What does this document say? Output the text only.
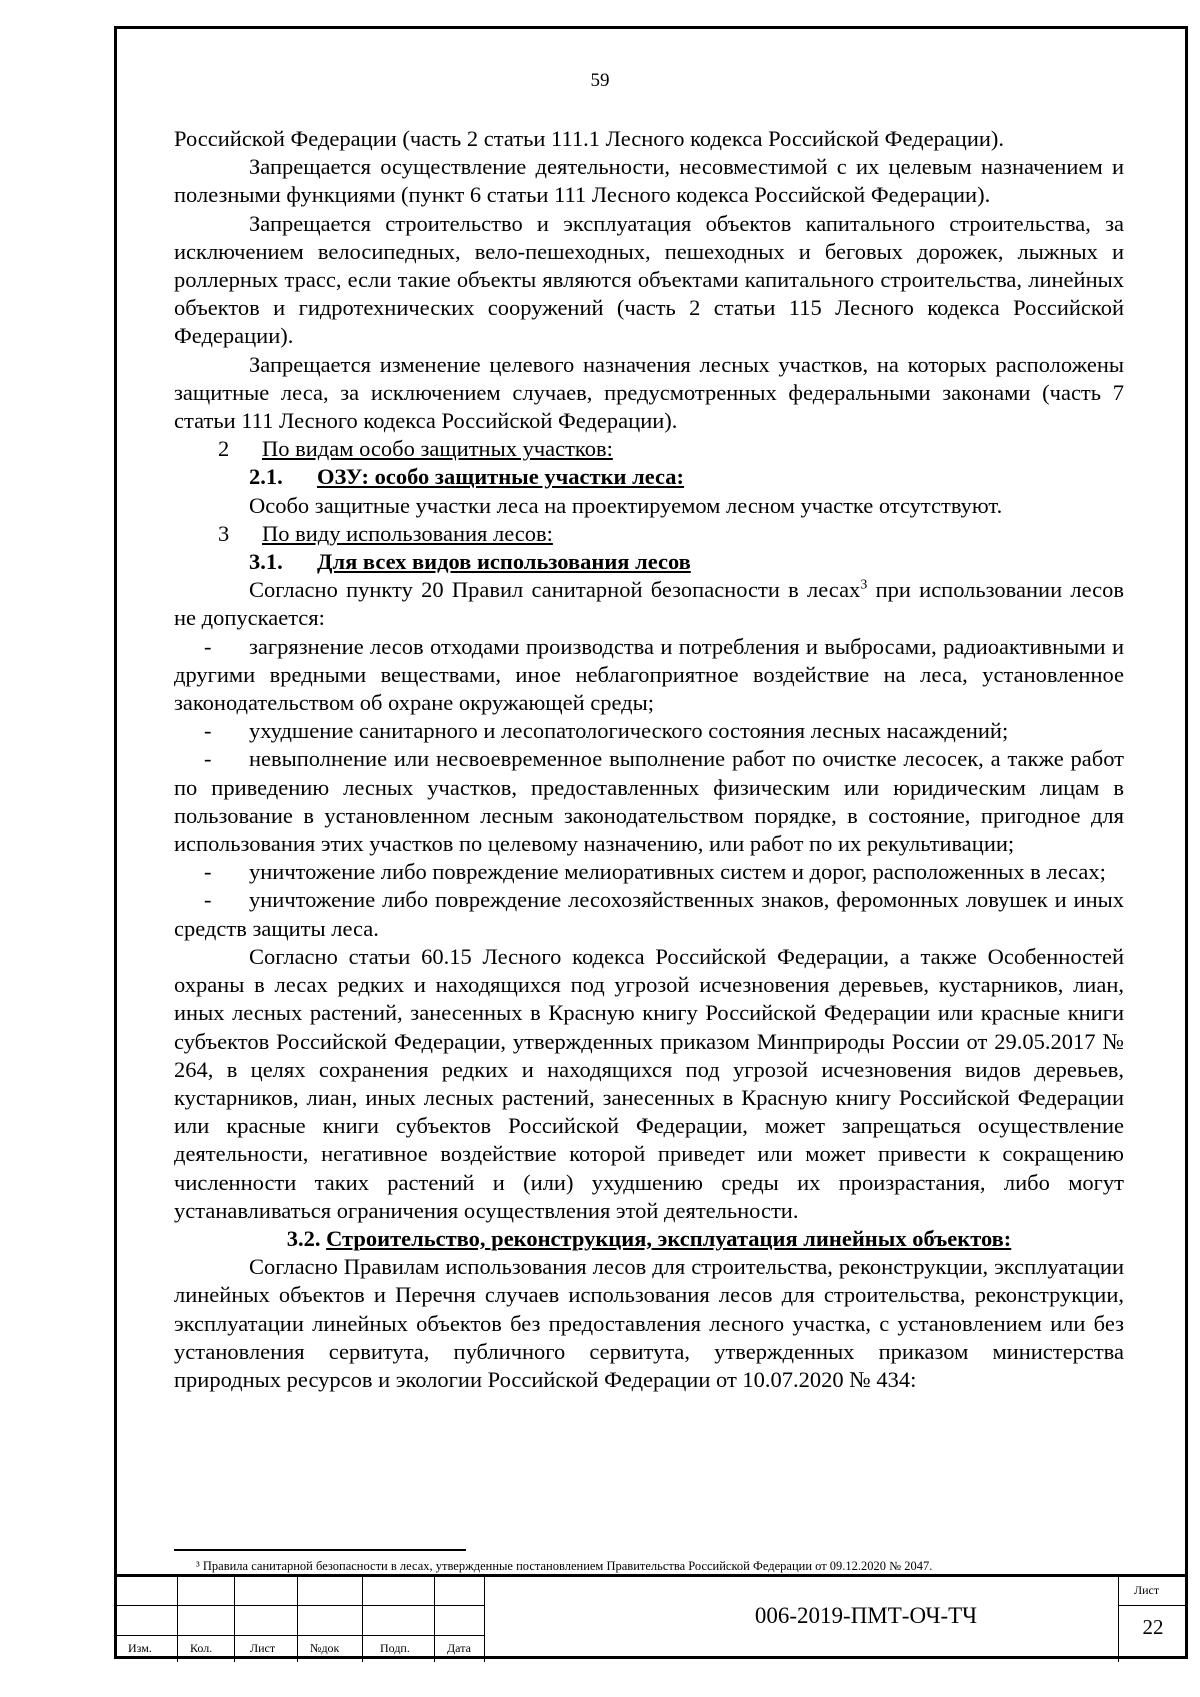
59

Российской Федерации (часть 2 статьи 111.1 Лесного кодекса Российской Федерации).

Запрещается осуществление деятельности, несовместимой с их целевым назначением и полезными функциями (пункт 6 статьи 111 Лесного кодекса Российской Федерации).

Запрещается строительство и эксплуатация объектов капитального строительства, за исключением велосипедных, вело-пешеходных, пешеходных и беговых дорожек, лыжных и роллерных трасс, если такие объекты являются объектами капитального строительства, линейных объектов и гидротехнических сооружений (часть 2 статьи 115 Лесного кодекса Российской Федерации).

Запрещается изменение целевого назначения лесных участков, на которых расположены защитные леса, за исключением случаев, предусмотренных федеральными законами (часть 7 статьи 111 Лесного кодекса Российской Федерации).

2	По видам особо защитных участков:
2.1.	ОЗУ: особо защитные участки леса:

Особо защитные участки леса на проектируемом лесном участке отсутствуют.

3	По виду использования лесов:
3.1.	Для всех видов использования лесов

Согласно пункту 20 Правил санитарной безопасности в лесах$^3$ при использовании лесов не допускается:

- загрязнение лесов отходами производства и потребления и выбросами, радиоактивными и другими вредными веществами, иное неблагоприятное воздействие на леса, установленное законодательством об охране окружающей среды;

- ухудшение санитарного и лесопатологического состояния лесных насаждений;

- невыполнение или несвоевременное выполнение работ по очистке лесосек, а также работ по приведению лесных участков, предоставленных физическим или юридическим лицам в пользование в установленном лесным законодательством порядке, в состояние, пригодное для использования этих участков по целевому назначению, или работ по их рекультивации;

- уничтожение либо повреждение мелиоративных систем и дорог, расположенных в лесах;

- уничтожение либо повреждение лесохозяйственных знаков, феромонных ловушек и иных средств защиты леса.

Согласно статьи 60.15 Лесного кодекса Российской Федерации, а также Особенностей охраны в лесах редких и находящихся под угрозой исчезновения деревьев, кустарников, лиан, иных лесных растений, занесенных в Красную книгу Российской Федерации или красные книги субъектов Российской Федерации, утвержденных приказом Минприроды России от 29.05.2017 № 264, в целях сохранения редких и находящихся под угрозой исчезновения видов деревьев, кустарников, лиан, иных лесных растений, занесенных в Красную книгу Российской Федерации или красные книги субъектов Российской Федерации, может запрещаться осуществление деятельности, негативное воздействие которой приведет или может привести к сокращению численности таких растений и (или) ухудшению среды их произрастания, либо могут устанавливаться ограничения осуществления этой деятельности.

3.2. Строительство, реконструкция, эксплуатация линейных объектов:

Согласно Правилам использования лесов для строительства, реконструкции, эксплуатации линейных объектов и Перечня случаев использования лесов для строительства, реконструкции, эксплуатации линейных объектов без предоставления лесного участка, с установлением или без установления сервитута, публичного сервитута, утвержденных приказом министерства природных ресурсов и экологии Российской Федерации от 10.07.2020 № 434:

³ Правила санитарной безопасности в лесах, утвержденные постановлением Правительства Российской Федерации от 09.12.2020 № 2047.
Изм.	Кол.	Лист	№док	Подп.	Дата
006-2019-ПМТ-ОЧ-ТЧ
Лист
22
